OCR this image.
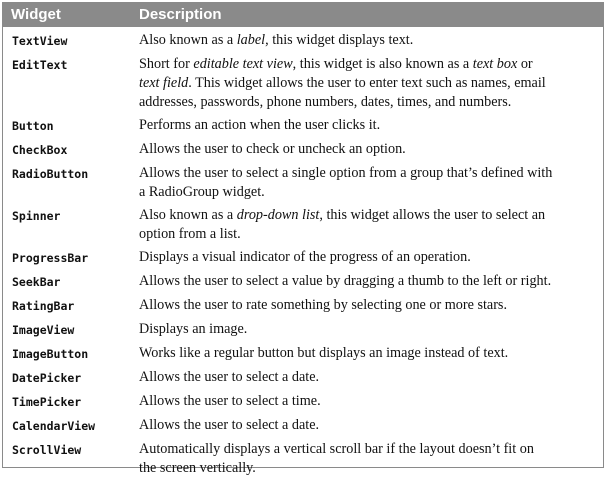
Widget	Description
TextView	Also known as a label, this widget displays text.
EditText	Short for editable text view, this widget is also known as a text box or
text field. This widget allows the user to enter text such as names, email
addresses, passwords, phone numbers, dates, times, and numbers.
Button	Performs an action when the user clicks it.
CheckBox	Allows the user to check or uncheck an option.
RadioButton	Allows the user to select a single option from a group that’s defined with
a RadioGroup widget.
Spinner	Also known as a drop-down list, this widget allows the user to select an
option from a list.
ProgressBar	Displays a visual indicator of the progress of an operation.
SeekBar	Allows the user to select a value by dragging a thumb to the left or right.
RatingBar	Allows the user to rate something by selecting one or more stars.
ImageView	Displays an image.
ImageButton	Works like a regular button but displays an image instead of text.
DatePicker	Allows the user to select a date.
TimePicker	Allows the user to select a time.
CalendarView	Allows the user to select a date.
ScrollView	Automatically displays a vertical scroll bar if the layout doesn’t fit on
the screen vertically.
